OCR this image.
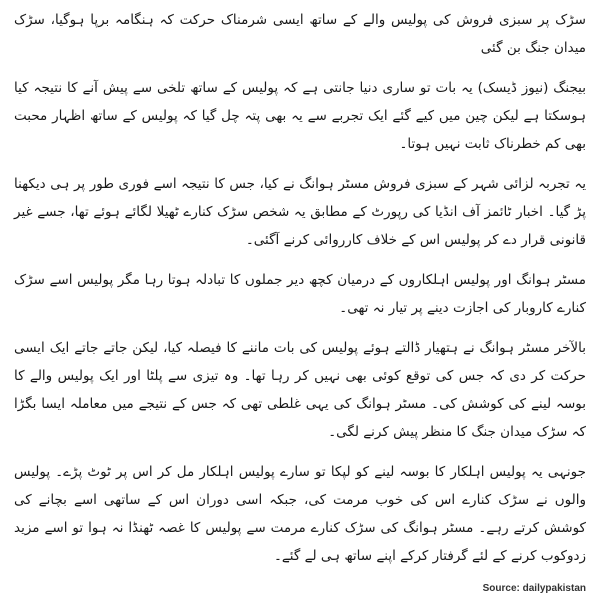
سڑک پر سبزی فروش کی پولیس والے کے ساتھ ایسی شرمناک حرکت کہ ہنگامہ برپا ہوگیا، سڑک میدان جنگ بن گئی

بیجنگ (نیوز ڈیسک) یہ بات تو ساری دنیا جانتی ہے کہ پولیس کے ساتھ تلخی سے پیش آنے کا نتیجہ کیا ہوسکتا ہے لیکن چین میں کیے گئے ایک تجربے سے یہ بھی پتہ چل گیا کہ پولیس کے ساتھ اظہار محبت بھی کم خطرناک ثابت نہیں ہوتا۔

یہ تجربہ لزائی شہر کے سبزی فروش مسٹر ہوانگ نے کیا، جس کا نتیجہ اسے فوری طور پر ہی دیکھنا پڑ گیا۔ اخبار ٹائمز آف انڈیا کی رپورٹ کے مطابق یہ شخص سڑک کنارے ٹھیلا لگائے ہوئے تھا، جسے غیر قانونی قرار دے کر پولیس اس کے خلاف کارروائی کرنے آگئی۔

مسٹر ہوانگ اور پولیس اہلکاروں کے درمیان کچھ دیر جملوں کا تبادلہ ہوتا رہا مگر پولیس اسے سڑک کنارے کاروبار کی اجازت دینے پر تیار نہ تھی۔

بالآخر مسٹر ہوانگ نے ہتھیار ڈالتے ہوئے پولیس کی بات ماننے کا فیصلہ کیا، لیکن جاتے جاتے ایک ایسی حرکت کر دی کہ جس کی توقع کوئی بھی نہیں کر رہا تھا۔ وہ تیزی سے پلٹا اور ایک پولیس والے کا بوسہ لینے کی کوشش کی۔ مسٹر ہوانگ کی یہی غلطی تھی کہ جس کے نتیجے میں معاملہ ایسا بگڑا کہ سڑک میدان جنگ کا منظر پیش کرنے لگی۔

جونہی یہ پولیس اہلکار کا بوسہ لینے کو لپکا تو سارے پولیس اہلکار مل کر اس پر ٹوٹ پڑے۔ پولیس والوں نے سڑک کنارے اس کی خوب مرمت کی، جبکہ اسی دوران اس کے ساتھی اسے بچانے کی کوشش کرتے رہے۔ مسٹر ہوانگ کی سڑک کنارے مرمت سے پولیس کا غصہ ٹھنڈا نہ ہوا تو اسے مزید زدوکوب کرنے کے لئے گرفتار کرکے اپنے ساتھ ہی لے گئے۔

Source: dailypakistan
